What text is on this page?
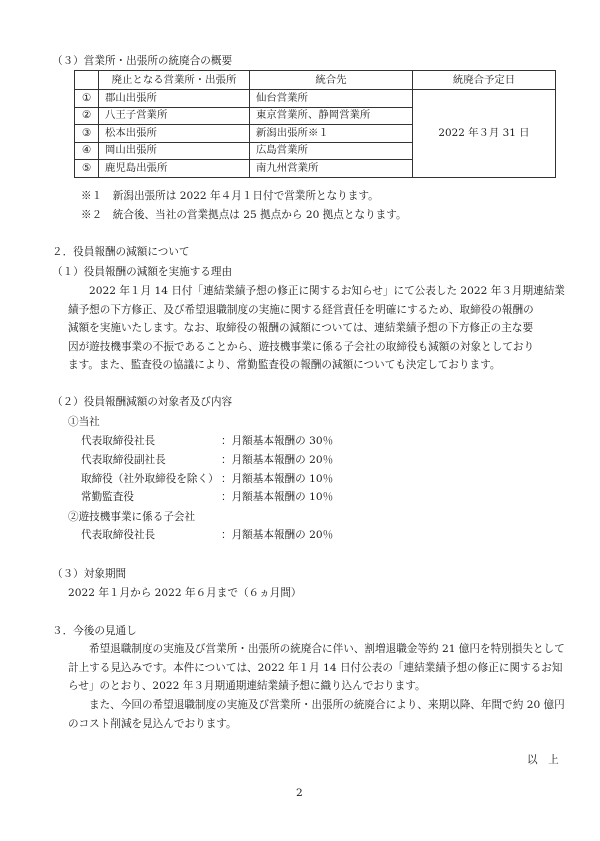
（３）営業所・出張所の統廃合の概要
	廃止となる営業所・出張所	統合先	統廃合予定日
①	郡山出張所	仙台営業所	2022 年３月 31 日
②	八王子営業所	東京営業所、静岡営業所	
③	松本出張所	新潟出張所※１	
④	岡山出張所	広島営業所	
⑤	鹿児島出張所	南九州営業所	
※１　新潟出張所は 2022 年４月１日付で営業所となります。
※２　統合後、当社の営業拠点は 25 拠点から 20 拠点となります。
２．役員報酬の減額について
（１）役員報酬の減額を実施する理由
2022 年１月 14 日付「連結業績予想の修正に関するお知らせ」にて公表した 2022 年３月期連結業
績予想の下方修正、及び希望退職制度の実施に関する経営責任を明確にするため、取締役の報酬の
減額を実施いたします。なお、取締役の報酬の減額については、連結業績予想の下方修正の主な要
因が遊技機事業の不振であることから、遊技機事業に係る子会社の取締役も減額の対象としており
ます。また、監査役の協議により、常勤監査役の報酬の減額についても決定しております。
（２）役員報酬減額の対象者及び内容
①当社
代表取締役社長	：月額基本報酬の 30％
代表取締役副社長	：月額基本報酬の 20％
取締役（社外取締役を除く） ：月額基本報酬の 10％
常勤監査役	：月額基本報酬の 10％
②遊技機事業に係る子会社
代表取締役社長	：月額基本報酬の 20％
（３）対象期間
2022 年１月から 2022 年６月まで（６ヵ月間）
３．今後の見通し
希望退職制度の実施及び営業所・出張所の統廃合に伴い、割増退職金等約 21 億円を特別損失として
計上する見込みです。本件については、2022 年１月 14 日付公表の「連結業績予想の修正に関するお知
らせ」のとおり、2022 年３月期通期連結業績予想に織り込んでおります。
また、今回の希望退職制度の実施及び営業所・出張所の統廃合により、来期以降、年間で約 20 億円
のコスト削減を見込んでおります。
以　上
2
